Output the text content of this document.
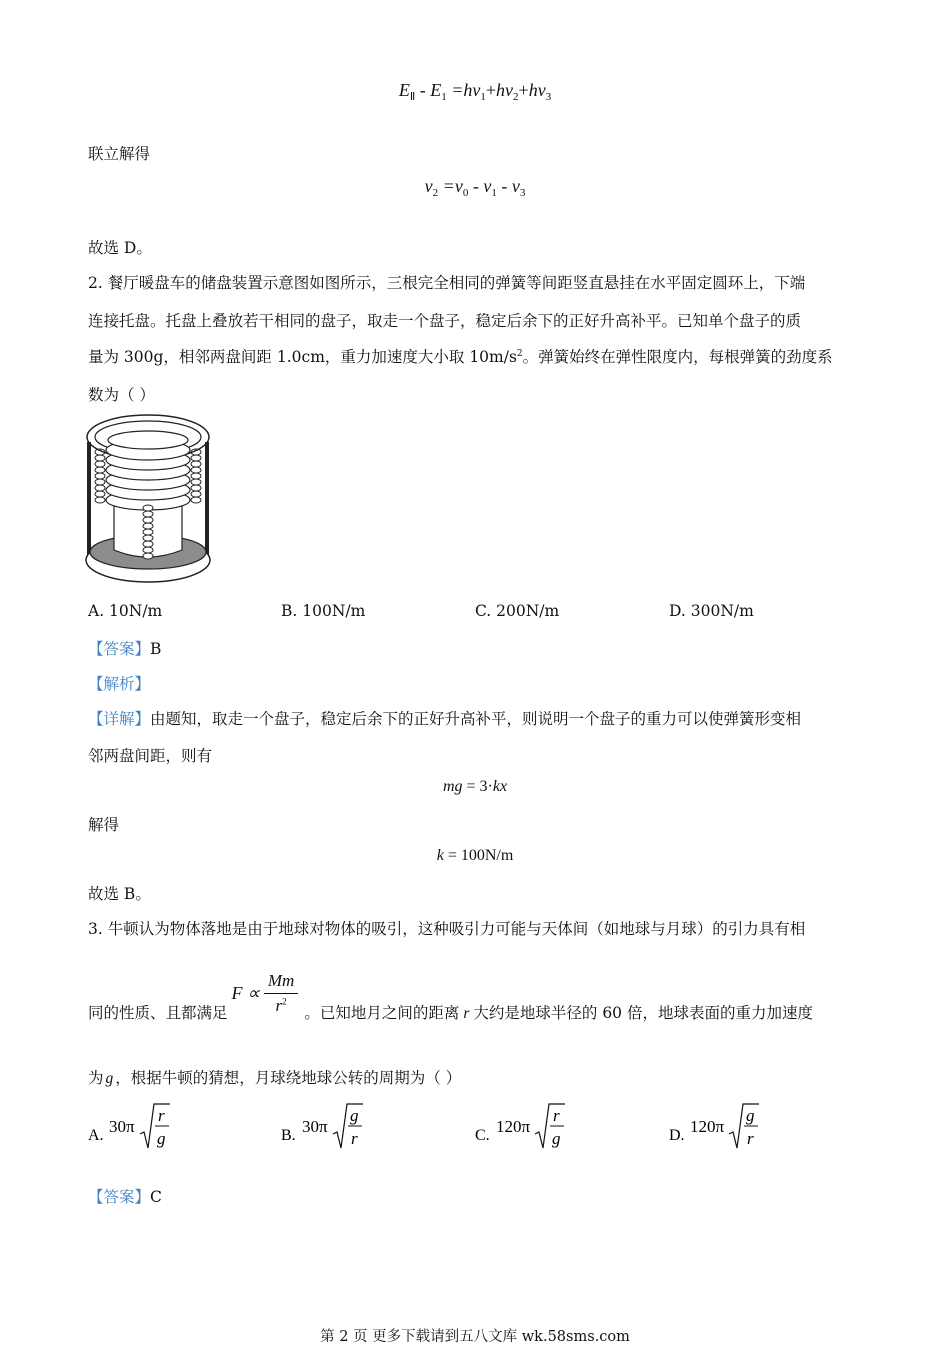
$E_Ⅱ - E_1 =h\nu_1+h\nu_2+h\nu_3$
联立解得
$\nu_2 =\nu_0 - \nu_1 - \nu_3$
故选 D。
2. 餐厅暖盘车的储盘装置示意图如图所示，三根完全相同的弹簧等间距竖直悬挂在水平固定圆环上，下端
连接托盘。托盘上叠放若干相同的盘子，取走一个盘子，稳定后余下的正好升高补平。已知单个盘子的质
量为 300g，相邻两盘间距 1.0cm，重力加速度大小取 $10m/s^2$。弹簧始终在弹性限度内，每根弹簧的劲度系
数为（ ）
A. 10N/m	B. 100N/m	C. 200N/m	D. 300N/m
【答案】B
【解析】
【详解】由题知，取走一个盘子，稳定后余下的正好升高补平，则说明一个盘子的重力可以使弹簧形变相
邻两盘间距，则有
mg = 3·kx
解得
k = 100N/m
故选 B。
3. 牛顿认为物体落地是由于地球对物体的吸引，这种吸引力可能与天体间（如地球与月球）的引力具有相
同的性质、且都满足
$F \propto \frac{Mm}{r^2}$ 。已知地月之间的距离 r 大约是地球半径的 60 倍，地球表面的重力加速度
为 g ，根据牛顿的猜想，月球绕地球公转的周期为（ ）
A. 30π
r
g	B. 30π
g
r	C. 120π
r
g	D. 120π
g
r
【答案】C
第 2 页 更多下载请到五八文库 wk.58sms.com
